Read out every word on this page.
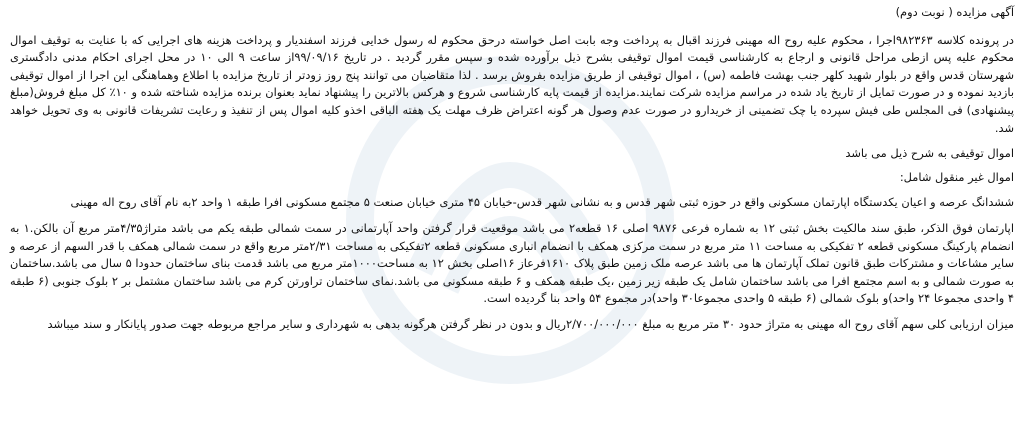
آگهی مزایده ( نوبت دوم)

در پرونده کلاسه ۹۸۲۳۶۳اجرا ، محکوم علیه روح اله مهینی فرزند اقبال به پرداخت وجه بابت اصل خواسته درحق محکوم له رسول خدایی فرزند اسفندیار و پرداخت هزینه های اجرایی که با عنایت به توقیف اموال محکوم علیه پس ازطی مراحل قانونی و ارجاع به کارشناسی قیمت اموال توقیفی بشرح ذیل برآورده شده و سپس مقرر گردید . در تاریخ ۹۹/۰۹/۱۶از ساعت ۹ الی ۱۰ در محل اجرای احکام مدنی دادگستری شهرستان قدس واقع در بلوار شهید کلهر جنب بهشت فاطمه (س) ، اموال توقیفی از طریق مزایده بفروش برسد . لذا متقاضیان می توانند پنج روز زودتر از تاریخ مزایده با اطلاع وهماهنگی این اجرا از اموال توقیفی بازدید نموده و در صورت تمایل از تاریخ یاد شده در مراسم مزایده شرکت نمایند.مزایده از قیمت پایه کارشناسی شروع و هرکس بالاترین را پیشنهاد نماید بعنوان برنده مزایده شناخته شده و ۱۰٪ کل مبلغ فروش(مبلغ پیشنهادی) فی المجلس طی فیش سپرده یا چک تضمینی از خریدارو در صورت عدم وصول هر گونه اعتراض ظرف مهلت یک هفته الباقی اخذو کلیه اموال پس از تنفیذ و رعایت تشریفات قانونی به وی تحویل خواهد شد.

اموال توقیفی به شرح ذیل می باشد

اموال غیر منقول شامل:

ششدانگ عرصه و اعیان یکدستگاه اپارتمان مسکونی واقع در حوزه ثبتی شهر قدس و به نشانی شهر قدس-خیابان ۴۵ متری خیابان صنعت ۵ مجتمع مسکونی افرا طبقه ۱ واحد ۲به نام آقای روح اله مهینی

اپارتمان فوق الذکر، طبق سند مالکیت بخش ثبتی ۱۲ به شماره فرعی ۹۸۷۶ اصلی ۱۶ قطعه۲ می باشد موقعیت قرار گرفتن واحد آپارتمانی در سمت شمالی طبقه یکم می باشد متراژ۴/۳۵متر مربع آن بالکن.۱ به انضمام پارکینگ مسکونی قطعه ۲ تفکیکی به مساحت ۱۱ متر مربع در سمت مرکزی همکف با انضمام انباری مسکونی قطعه ۲تفکیکی به مساحت ۲/۳۱متر مربع واقع در سمت شمالی همکف با قدر السهم از عرصه و سایر مشاعات و مشترکات طبق قانون تملک آپارتمان ها می باشد عرصه ملک زمین طبق پلاک ۱۶۱۰فرعاز ۱۶اصلی بخش ۱۲ به مساحت۱۰۰۰متر مربع می باشد قدمت بنای ساختمان حدودا ۵ سال می باشد.ساختمان به صورت شمالی و به اسم مجتمع افرا می باشد ساختمان شامل یک طبقه زیر زمین ،یک طبقه همکف و ۶ طبقه مسکونی می باشد.نمای ساختمان تراورتن کرم می باشد ساختمان مشتمل بر ۲ بلوک جنوبی (۶ طبقه ۴ واحدی مجموعا ۲۴ واحد)و بلوک شمالی (۶ طبقه ۵ واحدی مجموعا۳۰ واحد)در مجموع ۵۴ واحد بنا گردیده است.

میزان ارزیابی کلی سهم آقای روح اله مهینی به متراژ حدود ۳۰ متر مربع به مبلغ ۲/۷۰۰/۰۰۰/۰۰۰ریال و بدون در نظر گرفتن هرگونه بدهی به شهرداری و سایر مراجع مربوطه جهت صدور پایانکار و سند میباشد
